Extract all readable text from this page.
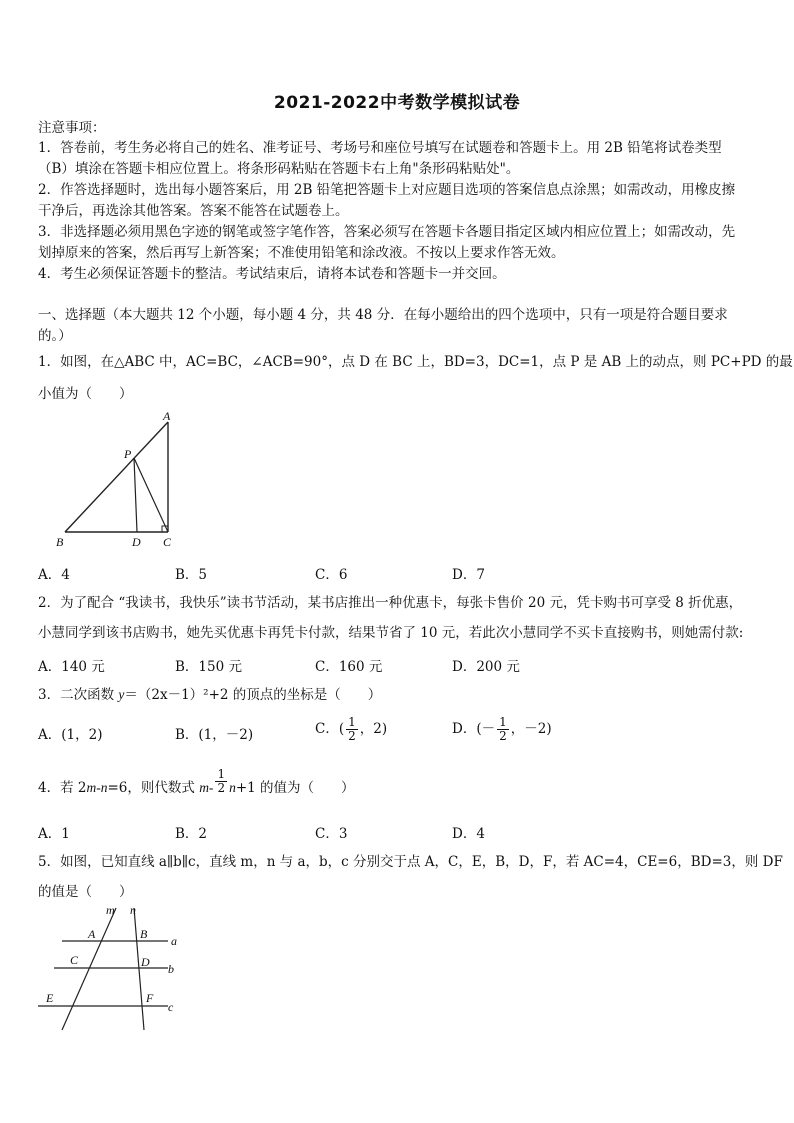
2021-2022中考数学模拟试卷
注意事项：
1．答卷前，考生务必将自己的姓名、准考证号、考场号和座位号填写在试题卷和答题卡上。用 2B 铅笔将试卷类型
（B）填涂在答题卡相应位置上。将条形码粘贴在答题卡右上角"条形码粘贴处"。
2．作答选择题时，选出每小题答案后，用 2B 铅笔把答题卡上对应题目选项的答案信息点涂黑；如需改动，用橡皮擦
干净后，再选涂其他答案。答案不能答在试题卷上。
3．非选择题必须用黑色字迹的钢笔或签字笔作答，答案必须写在答题卡各题目指定区域内相应位置上；如需改动，先
划掉原来的答案，然后再写上新答案；不准使用铅笔和涂改液。不按以上要求作答无效。
4．考生必须保证答题卡的整洁。考试结束后，请将本试卷和答题卡一并交回。
一、选择题（本大题共 12 个小题，每小题 4 分，共 48 分．在每小题给出的四个选项中，只有一项是符合题目要求
的。）
1．如图，在△ABC 中，AC=BC，∠ACB=90°，点 D 在 BC 上，BD=3，DC=1，点 P 是 AB 上的动点，则 PC+PD 的最
小值为（　　）
A
P
B	D C
A．4	B．5	C．6	D．7
2．为了配合 “我读书，我快乐”读书节活动，某书店推出一种优惠卡，每张卡售价 20 元，凭卡购书可享受 8 折优惠，
小慧同学到该书店购书，她先买优惠卡再凭卡付款，结果节省了 10 元，若此次小慧同学不买卡直接购书，则她需付款:
A．140 元	B．150 元	C．160 元	D．200 元
3．二次函数 y＝（2x－1）²+2 的顶点的坐标是（　　）
A．(1，2)	B．(1，－2)	C．( $\frac{1}{2}$ ，2)	D．(－ $\frac{1}{2}$ ，－2)
4．若 2m-n=6，则代数式 $m- \frac{1}{2} n+1$ 的值为（　　）
A．1	B．2	C．3	D．4
5．如图，已知直线 a∥b∥c，直线 m，n 与 a，b，c 分别交于点 A，C，E，B，D，F，若 AC=4，CE=6，BD=3，则 DF
的值是（　　）
m n
A	B a
C	D b
E	F
c
